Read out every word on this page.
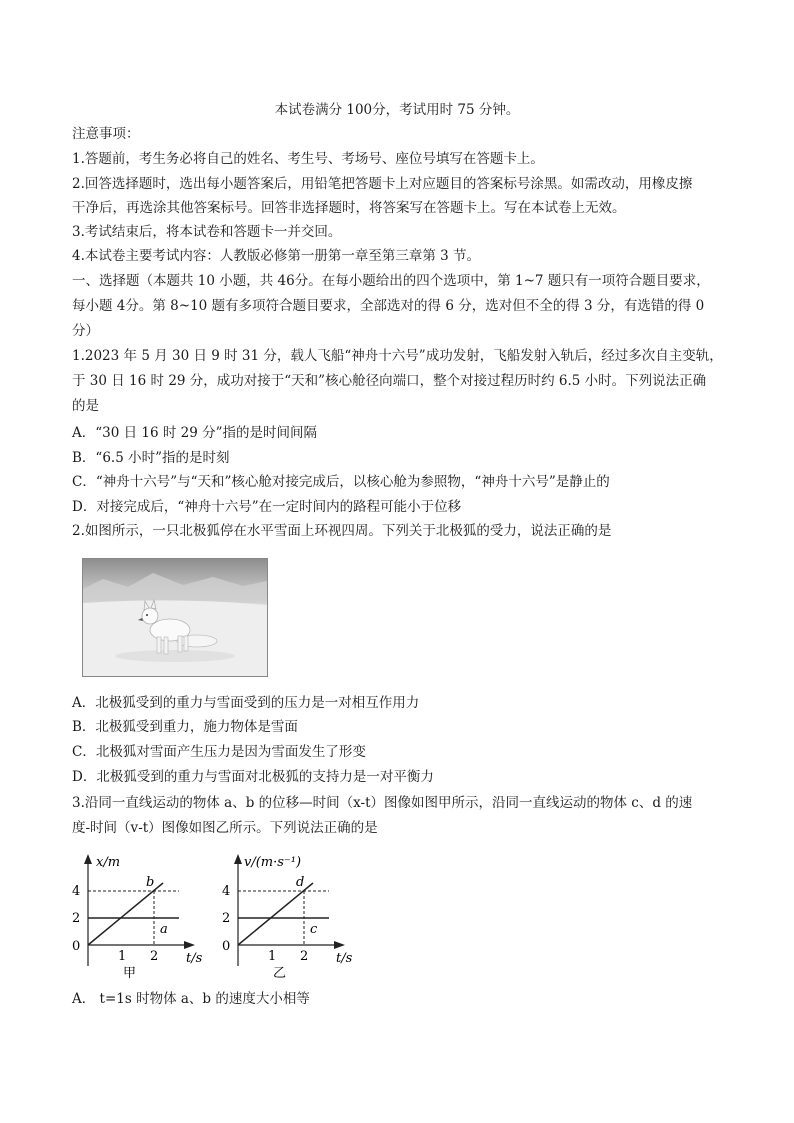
本试卷满分 100分，考试用时 75 分钟。
注意事项：
1.答题前，考生务必将自己的姓名、考生号、考场号、座位号填写在答题卡上。
2.回答选择题时，选出每小题答案后，用铅笔把答题卡上对应题目的答案标号涂黑。如需改动，用橡皮擦
干净后，再选涂其他答案标号。回答非选择题时，将答案写在答题卡上。写在本试卷上无效。
3.考试结束后，将本试卷和答题卡一并交回。
4.本试卷主要考试内容：人教版必修第一册第一章至第三章第 3 节。
一、选择题（本题共 10 小题，共 46分。在每小题给出的四个选项中，第 1~7 题只有一项符合题目要求，
每小题 4分。第 8~10 题有多项符合题目要求，全部选对的得 6 分，选对但不全的得 3 分，有选错的得 0
分）
1.2023 年 5 月 30 日 9 时 31 分，载人飞船“神舟十六号”成功发射，飞船发射入轨后，经过多次自主变轨，
于 30 日 16 时 29 分，成功对接于“天和”核心舱径向端口，整个对接过程历时约 6.5 小时。下列说法正确
的是
A．“30 日 16 时 29 分”指的是时间间隔
B．“6.5 小时”指的是时刻
C．“神舟十六号”与“天和”核心舱对接完成后，以核心舱为参照物，“神舟十六号”是静止的
D．对接完成后，“神舟十六号”在一定时间内的路程可能小于位移
2.如图所示，一只北极狐停在水平雪面上环视四周。下列关于北极狐的受力，说法正确的是
A．北极狐受到的重力与雪面受到的压力是一对相互作用力
B．北极狐受到重力，施力物体是雪面
C．北极狐对雪面产生压力是因为雪面发生了形变
D．北极狐受到的重力与雪面对北极狐的支持力是一对平衡力
3.沿同一直线运动的物体 a、b 的位移—时间（x-t）图像如图甲所示，沿同一直线运动的物体 c、d 的速
度-时间（v-t）图像如图乙所示。下列说法正确的是
x/m
4
2
0
1 2 t/s
b
a
甲
v/(m·s⁻¹)
4
2
0
1 2 t/s
d
c
乙
A． t=1s 时物体 a、b 的速度大小相等
